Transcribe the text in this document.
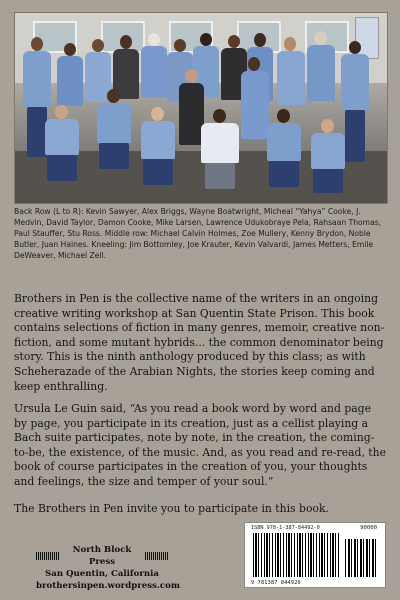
Back Row (L to R): Kevin Sawyer, Alex Briggs, Wayne Boatwright, Micheal “Yahya” Cooke, J. Medvin, David Taylor, Damon Cooke, Mike Larsen, Lawrence Udukobraye Pela, Rahsaan Thomas, Paul Stauffer, Stu Ross. Middle row: Michael Calvin Holmes, Zoe Mullery, Kenny Brydon, Noble Butler, Juan Haines. Kneeling: Jim Bottomley, Joe Krauter, Kevin Valvardi, James Metters, Emile DeWeaver, Michael Zell.

Brothers in Pen is the collective name of the writers in an ongoing creative writing workshop at San Quentin State Prison. This book contains selections of fiction in many genres, memoir, creative non-fiction, and some mutant hybrids... the common denominator being story. This is the ninth anthology produced by this class; as with Scheherazade of the Arabian Nights, the stories keep coming and keep enthralling.

Ursula Le Guin said, “As you read a book word by word and page by page, you participate in its creation, just as a cellist playing a Bach suite participates, note by note, in the creation, the coming-to-be, the existence, of the music. And, as you read and re-read, the book of course participates in the creation of you, your thoughts and feelings, the size and temper of your soul.”

The Brothers in Pen invite you to participate in this book.

North Block Press
San Quentin, California
brothersinpen.wordpress.com
ISBN 978-1-387-84492-0	90000
9 781387 844920
